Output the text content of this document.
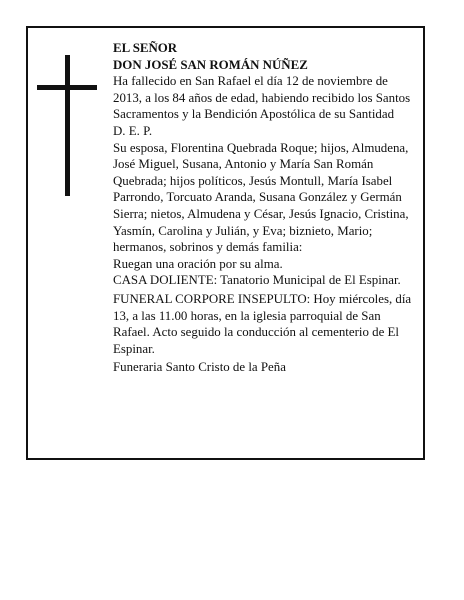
EL SEÑOR

DON JOSÉ SAN ROMÁN NÚÑEZ

Ha fallecido en San Rafael el día 12 de noviembre de 2013, a los 84 años de edad, habiendo recibido los Santos Sacramentos y la Bendición Apostólica de su Santidad

D. E. P.

Su esposa, Florentina Quebrada Roque; hijos, Almudena, José Miguel, Susana, Antonio y María San Román Quebrada; hijos políticos, Jesús Montull, María Isabel Parrondo, Torcuato Aranda, Susana González y Germán Sierra; nietos, Almudena y César, Jesús Ignacio, Cristina, Yasmín, Carolina y Julián, y Eva; biznieto, Mario; hermanos, sobrinos y demás familia:

Ruegan una oración por su alma.

CASA DOLIENTE: Tanatorio Municipal de El Espinar.

FUNERAL CORPORE INSEPULTO: Hoy miércoles, día 13, a las 11.00 horas, en la iglesia parroquial de San Rafael. Acto seguido la conducción al cementerio de El Espinar.

Funeraria Santo Cristo de la Peña
